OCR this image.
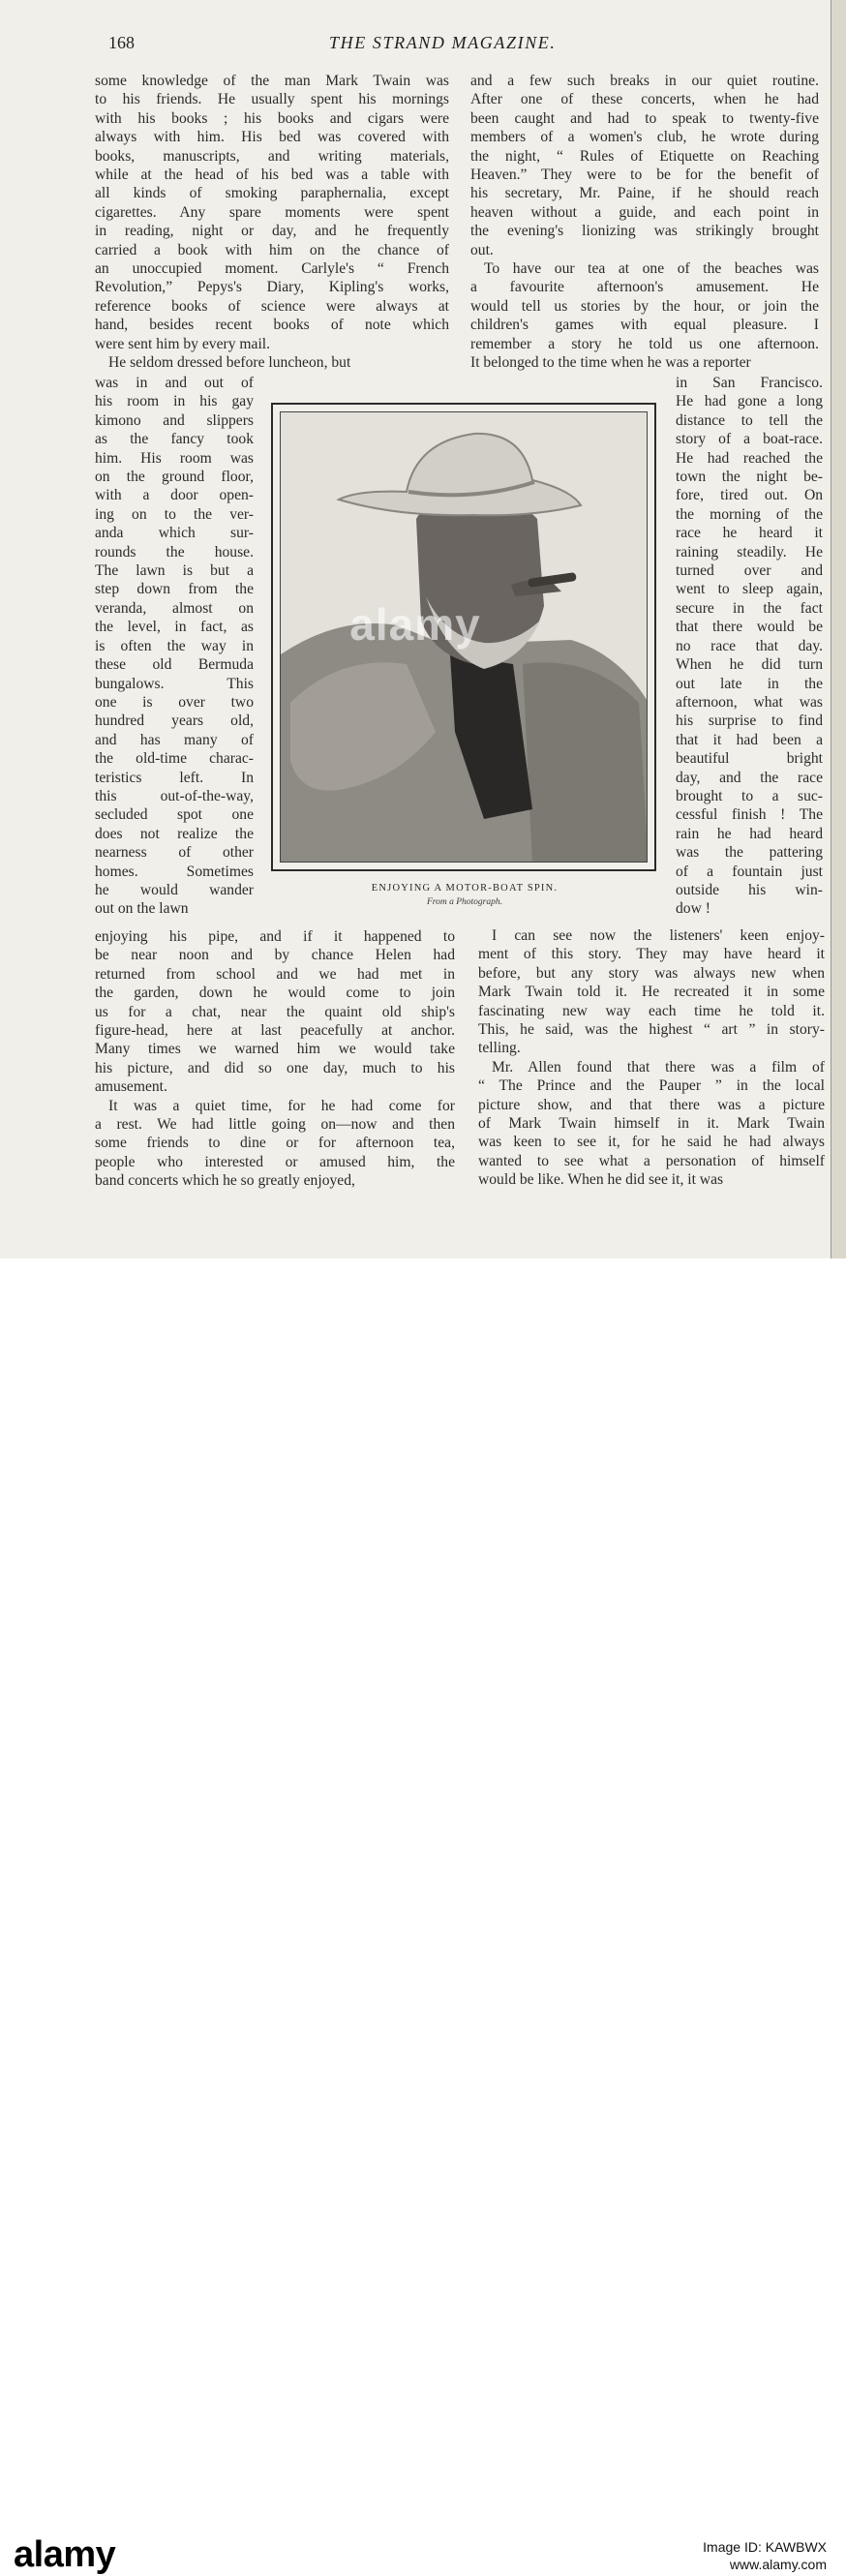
168	THE STRAND MAGAZINE.
some knowledge of the man Mark Twain was
to his friends. He usually spent his mornings
with his books ; his books and cigars were
always with him. His bed was covered with
books, manuscripts, and writing materials,
while at the head of his bed was a table with
all kinds of smoking paraphernalia, except
cigarettes. Any spare moments were spent
in reading, night or day, and he frequently
carried a book with him on the chance of
an unoccupied moment. Carlyle's “ French
Revolution,” Pepys's Diary, Kipling's works,
reference books of science were always at
hand, besides recent books of note which
were sent him by every mail.
He seldom dressed before luncheon, but
was in and out of
his room in his gay
kimono and slippers
as the fancy took
him. His room was
on the ground floor,
with a door open-
ing on to the ver-
anda which sur-
rounds the house.
The lawn is but a
step down from the
veranda, almost on
the level, in fact, as
is often the way in
these old Bermuda
bungalows. This
one is over two
hundred years old,
and has many of
the old-time charac-
teristics left. In
this out-of-the-way,
secluded spot one
does not realize the
nearness of other
homes. Sometimes
he would wander
out on the lawn
enjoying his pipe, and if it happened to
be near noon and by chance Helen had
returned from school and we had met in
the garden, down he would come to join
us for a chat, near the quaint old ship's
figure-head, here at last peacefully at anchor.
Many times we warned him we would take
his picture, and did so one day, much to his
amusement.
It was a quiet time, for he had come for
a rest. We had little going on—now and then
some friends to dine or for afternoon tea,
people who interested or amused him, the
band concerts which he so greatly enjoyed,
and a few such breaks in our quiet routine.
After one of these concerts, when he had
been caught and had to speak to twenty-five
members of a women's club, he wrote during
the night, “ Rules of Etiquette on Reaching
Heaven.” They were to be for the benefit of
his secretary, Mr. Paine, if he should reach
heaven without a guide, and each point in
the evening's lionizing was strikingly brought
out.
To have our tea at one of the beaches was
a favourite afternoon's amusement. He
would tell us stories by the hour, or join the
children's games with equal pleasure. I
remember a story he told us one afternoon.
It belonged to the time when he was a reporter
in San Francisco.
He had gone a long
distance to tell the
story of a boat-race.
He had reached the
town the night be-
fore, tired out. On
the morning of the
race he heard it
raining steadily. He
turned over and
went to sleep again,
secure in the fact
that there would be
no race that day.
When he did turn
out late in the
afternoon, what was
his surprise to find
that it had been a
beautiful bright
day, and the race
brought to a suc-
cessful finish ! The
rain he had heard
was the pattering
of a fountain just
outside his win-
dow !
I can see now the listeners' keen enjoy-
ment of this story. They may have heard it
before, but any story was always new when
Mark Twain told it. He recreated it in some
fascinating new way each time he told it.
This, he said, was the highest “ art ” in story-
telling.
Mr. Allen found that there was a film of
“ The Prince and the Pauper ” in the local
picture show, and that there was a picture
of Mark Twain himself in it. Mark Twain
was keen to see it, for he said he had always
wanted to see what a personation of himself
would be like. When he did see it, it was
ENJOYING A MOTOR-BOAT SPIN.
From a Photograph.
alamy
alamy	Image ID: KAWBWX
www.alamy.com
